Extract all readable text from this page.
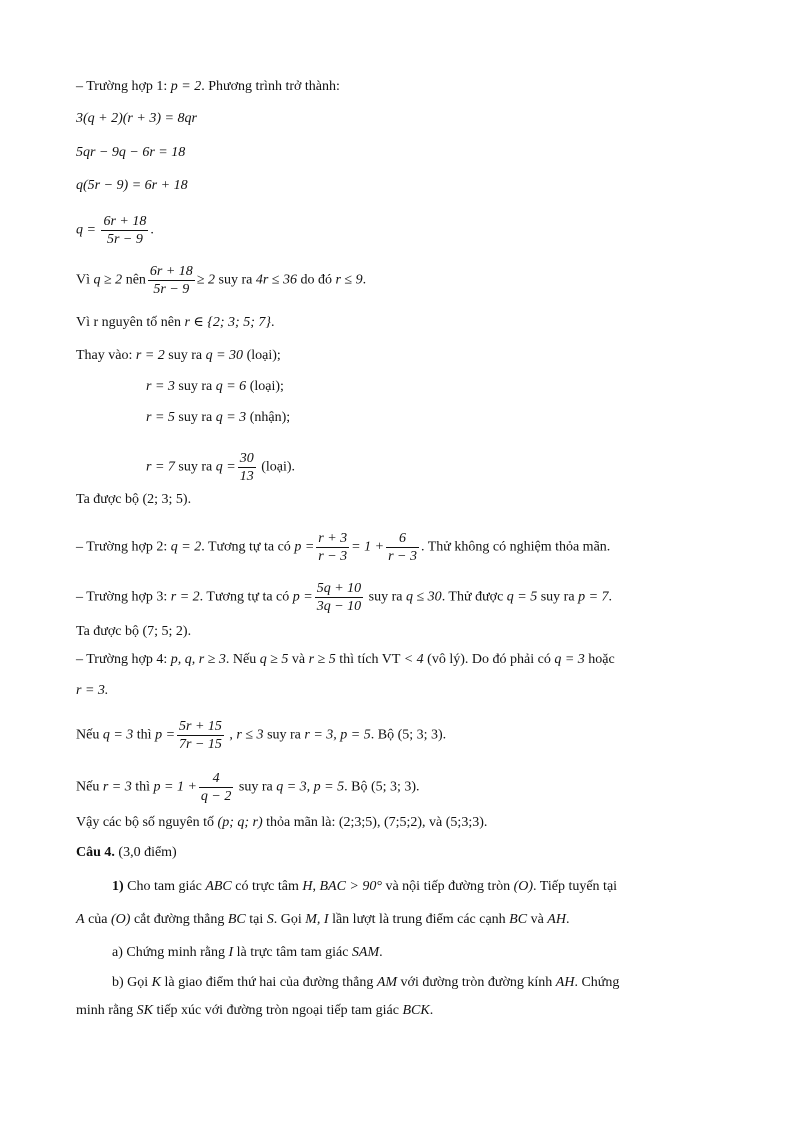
– Trường hợp 1: p = 2. Phương trình trở thành:
3(q + 2)(r + 3) = 8qr
5qr − 9q − 6r = 18
q(5r − 9) = 6r + 18
$q = \frac{6r + 18}{5r - 9}$ .
Vì q ≥ 2 nên $\frac{6r + 18}{5r - 9} \ge 2$ suy ra 4r ≤ 36 do đó r ≤ 9.
Vì r nguyên tố nên r ∈ {2; 3; 5; 7}.
Thay vào: r = 2 suy ra q = 30 (loại);
r = 3 suy ra q = 6 (loại);
r = 5 suy ra q = 3 (nhận);
r = 7 suy ra $q = \frac{30}{13}$ (loại).
Ta được bộ (2; 3; 5).
– Trường hợp 2: q = 2. Tương tự ta có $p = \frac{r + 3}{r - 3} = 1 + \frac{6}{r - 3}$ . Thử không có nghiệm thỏa mãn.
– Trường hợp 3: r = 2. Tương tự ta có $p = \frac{5q + 10}{3q - 10}$ suy ra q ≤ 30. Thử được q = 5 suy ra p = 7.
Ta được bộ (7; 5; 2).
– Trường hợp 4: p, q, r ≥ 3. Nếu q ≥ 5 và r ≥ 5 thì tích VT < 4 (vô lý). Do đó phải có q = 3 hoặc
r = 3.
Nếu q = 3 thì $p = \frac{5r + 15}{7r - 15}$ , r ≤ 3 suy ra r = 3, p = 5. Bộ (5; 3; 3).
Nếu r = 3 thì $p = 1 + \frac{4}{q - 2}$ suy ra q = 3, p = 5. Bộ (5; 3; 3).
Vậy các bộ số nguyên tố (p; q; r) thỏa mãn là: (2;3;5), (7;5;2), và (5;3;3).
Câu 4. (3,0 điểm)
1) Cho tam giác ABC có trực tâm H, BAC > 90° và nội tiếp đường tròn (O). Tiếp tuyến tại
A của (O) cắt đường thẳng BC tại S. Gọi M, I lần lượt là trung điểm các cạnh BC và AH.
a) Chứng minh rằng I là trực tâm tam giác SAM.
b) Gọi K là giao điểm thứ hai của đường thẳng AM với đường tròn đường kính AH. Chứng
minh rằng SK tiếp xúc với đường tròn ngoại tiếp tam giác BCK.
